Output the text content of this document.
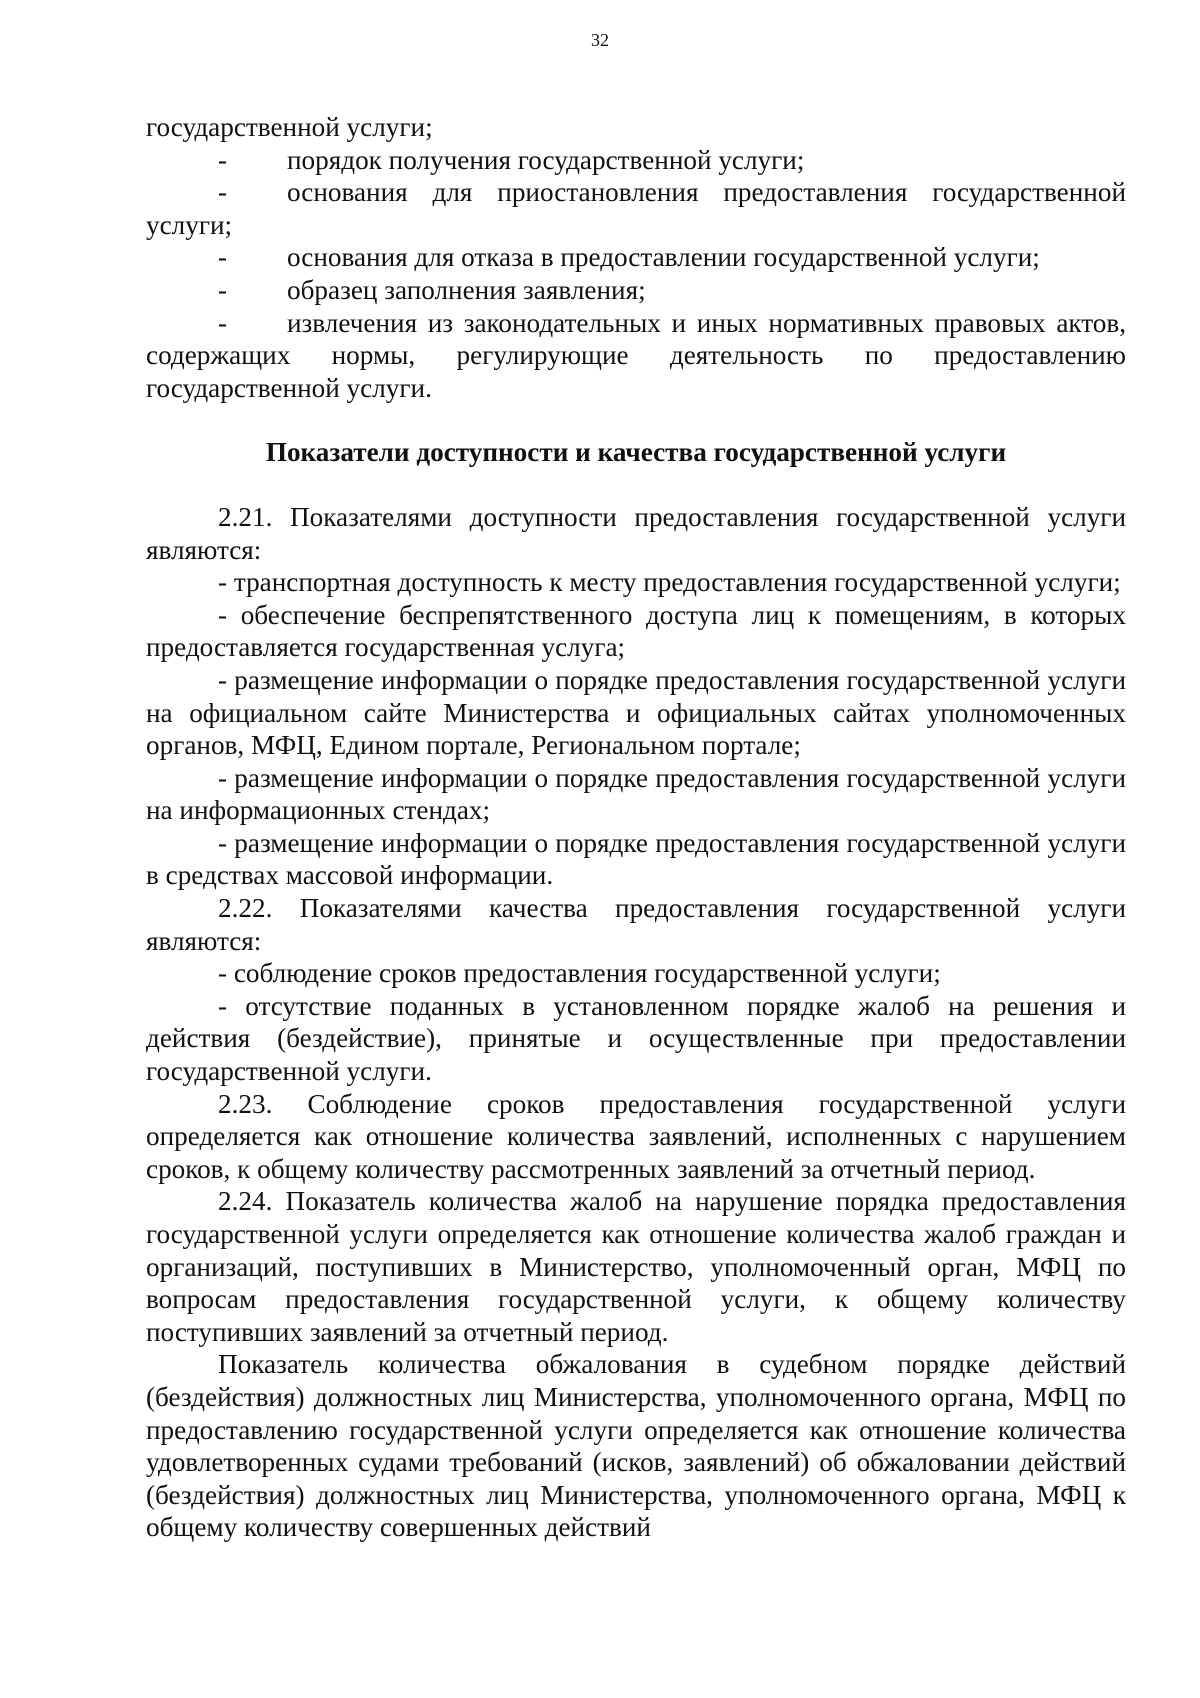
32

государственной услуги;

- порядок получения государственной услуги;

- основания для приостановления предоставления государственной услуги;

- основания для отказа в предоставлении государственной услуги;

- образец заполнения заявления;

- извлечения из законодательных и иных нормативных правовых актов, содержащих нормы, регулирующие деятельность по предоставлению государственной услуги.

Показатели доступности и качества государственной услуги

2.21. Показателями доступности предоставления государственной услуги являются:

- транспортная доступность к месту предоставления государственной услуги;

- обеспечение беспрепятственного доступа лиц к помещениям, в которых предоставляется государственная услуга;

- размещение информации о порядке предоставления государственной услуги на официальном сайте Министерства и официальных сайтах уполномоченных органов, МФЦ, Едином портале, Региональном портале;

- размещение информации о порядке предоставления государственной услуги на информационных стендах;

- размещение информации о порядке предоставления государственной услуги в средствах массовой информации.

2.22. Показателями качества предоставления государственной услуги являются:

- соблюдение сроков предоставления государственной услуги;

- отсутствие поданных в установленном порядке жалоб на решения и действия (бездействие), принятые и осуществленные при предоставлении государственной услуги.

2.23. Соблюдение сроков предоставления государственной услуги определяется как отношение количества заявлений, исполненных с нарушением сроков, к общему количеству рассмотренных заявлений за отчетный период.

2.24. Показатель количества жалоб на нарушение порядка предоставления государственной услуги определяется как отношение количества жалоб граждан и организаций, поступивших в Министерство, уполномоченный орган, МФЦ по вопросам предоставления государственной услуги, к общему количеству поступивших заявлений за отчетный период.

Показатель количества обжалования в судебном порядке действий (бездействия) должностных лиц Министерства, уполномоченного органа, МФЦ по предоставлению государственной услуги определяется как отношение количества удовлетворенных судами требований (исков, заявлений) об обжаловании действий (бездействия) должностных лиц Министерства, уполномоченного органа, МФЦ к общему количеству совершенных действий
